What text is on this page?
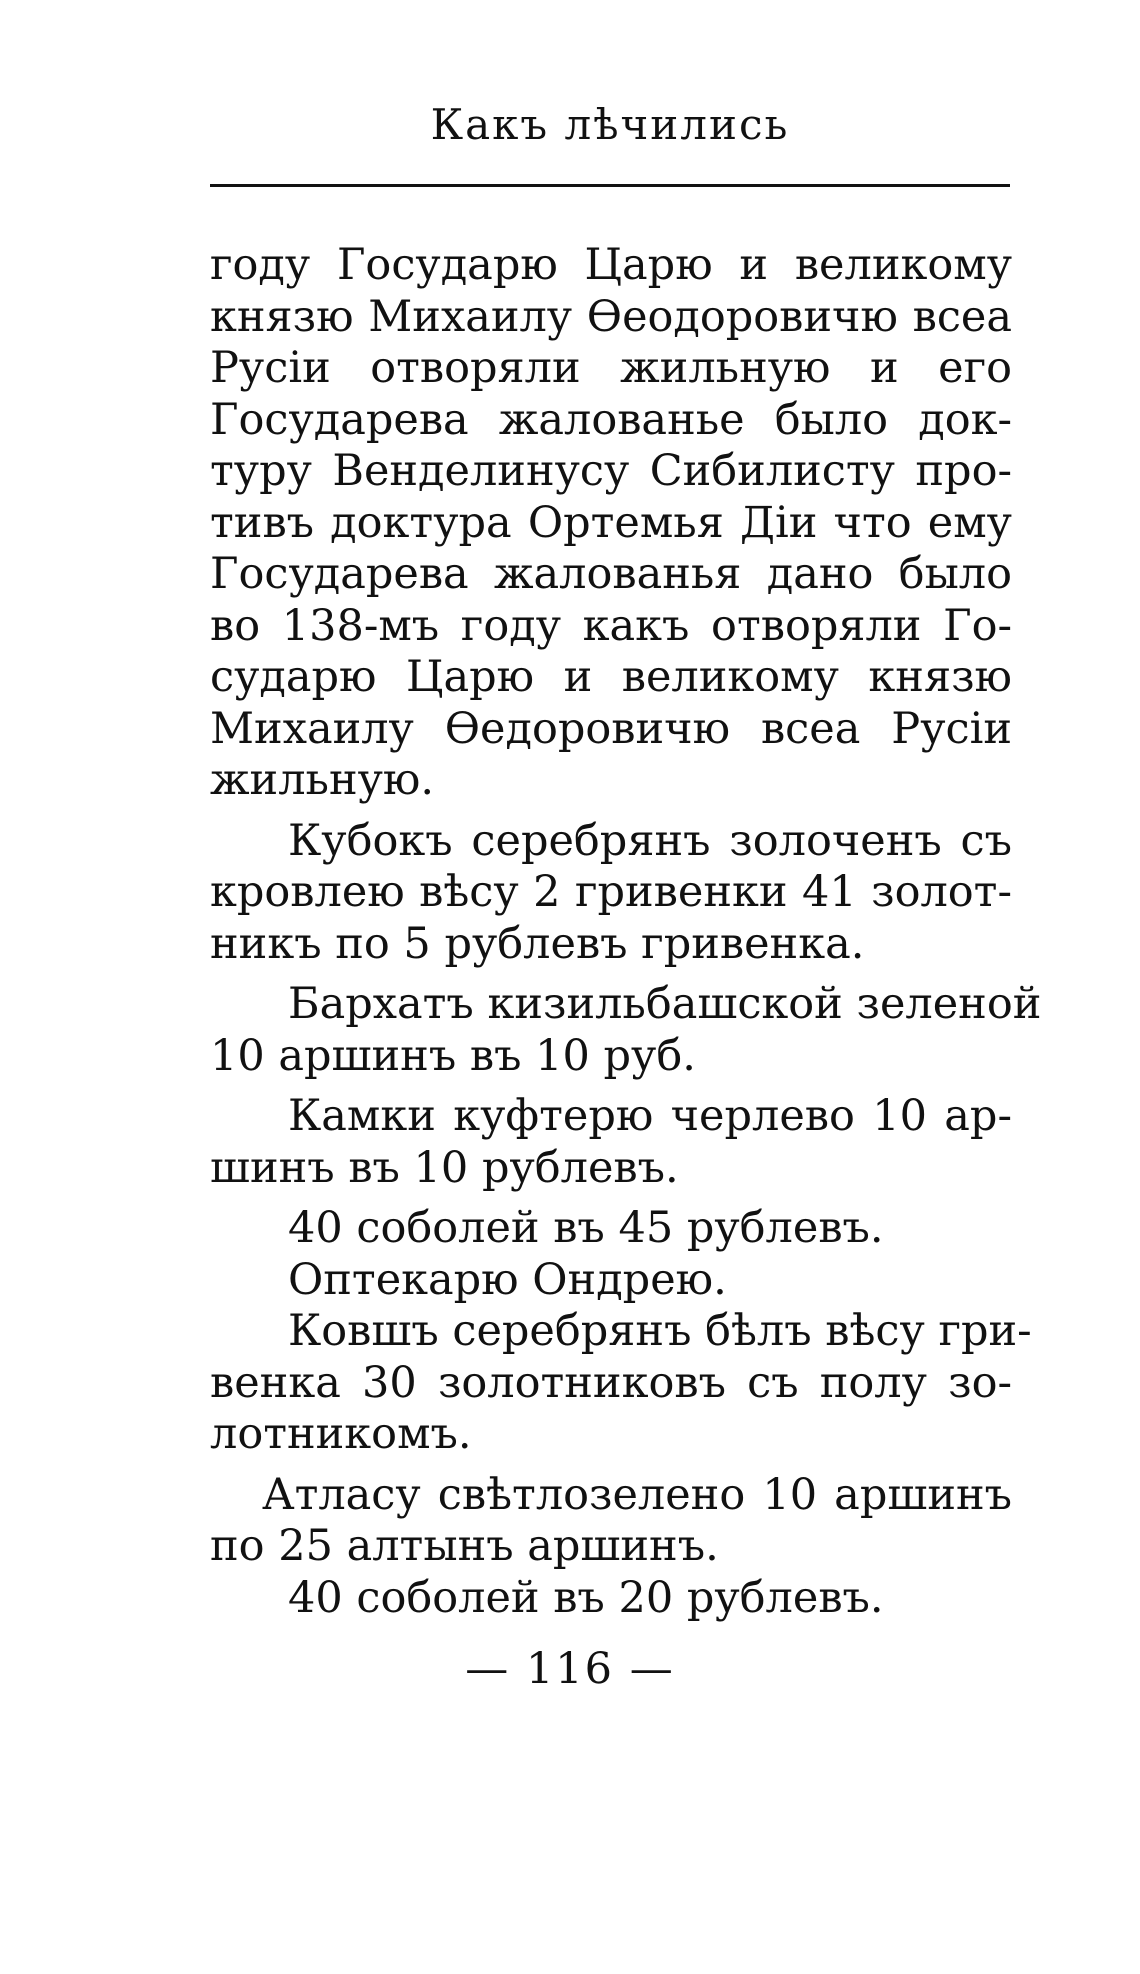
Какъ лѣчились
году Государю Царю и великому
князю Михаилу Өеодоровичю всеа
Русіи отворяли жильную и его
Государева жалованье было док-
туру Венделинусу Сибилисту про-
тивъ доктура Ортемья Діи что ему
Государева жалованья дано было
во 138-мъ году какъ отворяли Го-
сударю Царю и великому князю
Михаилу Өедоровичю всеа Русіи
жильную.
Кубокъ серебрянъ золоченъ съ
кровлею вѣсу 2 гривенки 41 золот-
никъ по 5 рублевъ гривенка.
Бархатъ кизильбашской зеленой
10 аршинъ въ 10 руб.
Камки куфтерю черлево 10 ар-
шинъ въ 10 рублевъ.
40 соболей въ 45 рублевъ.
Оптекарю Ондрею.
Ковшъ серебрянъ бѣлъ вѣсу гри-
венка 30 золотниковъ съ полу зо-
лотникомъ.
Атласу свѣтлозелено 10 аршинъ
по 25 алтынъ аршинъ.
40 соболей въ 20 рублевъ.
— 116 —
